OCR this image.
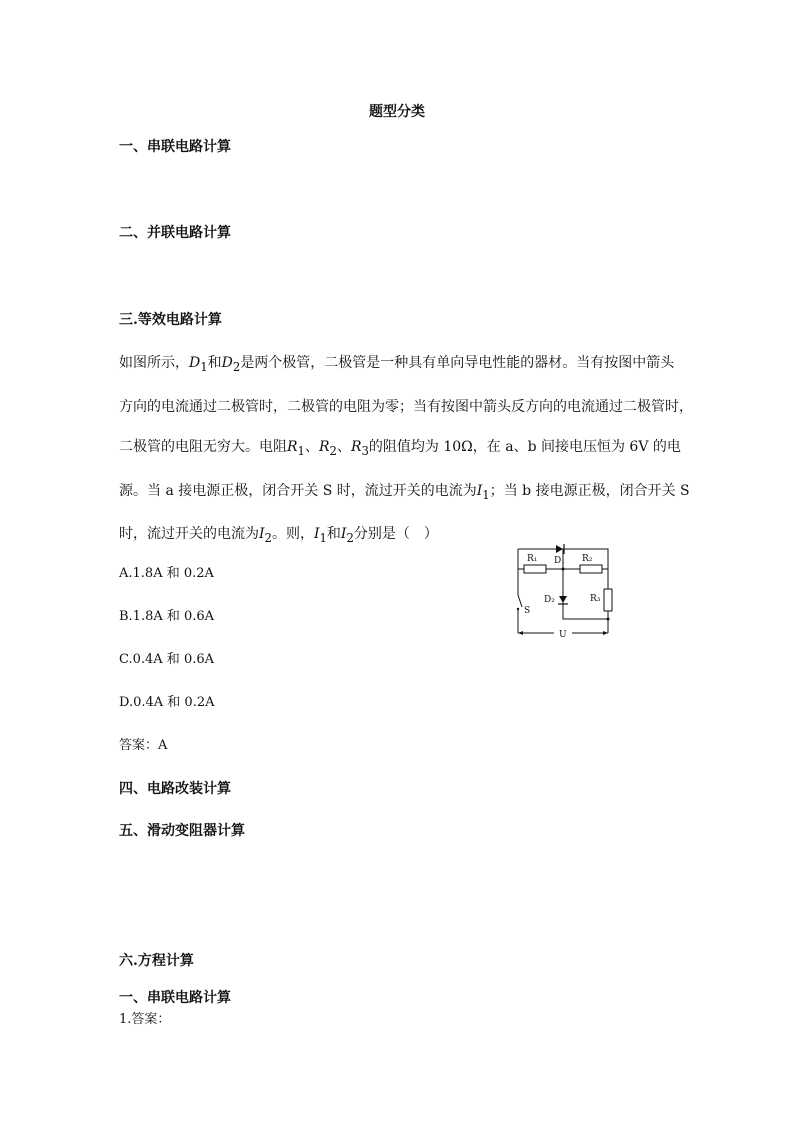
题型分类
一、串联电路计算
二、并联电路计算
三.等效电路计算

如图所示，$D_1$和$D_2$是两个极管，二极管是一种具有单向导电性能的器材。当有按图中箭头

方向的电流通过二极管时，二极管的电阻为零；当有按图中箭头反方向的电流通过二极管时，

二极管的电阻无穷大。电阻$R_1$、$R_2$、$R_3$的阻值均为 10Ω，在 a、b 间接电压恒为 6V 的电

源。当 a 接电源正极，闭合开关 S 时，流过开关的电流为$I_1$；当 b 接电源正极，闭合开关 S

时，流过开关的电流为$I_2$。则，$I_1$和$I_2$分别是（　）

A.1.8A 和 0.2A
B.1.8A 和 0.6A
C.0.4A 和 0.6A
D.0.4A 和 0.2A
答案：A
四、电路改装计算
五、滑动变阻器计算
六.方程计算
一、串联电路计算
1.答案：
R₁ D₁ R₂
D₂	R₃
S
U
